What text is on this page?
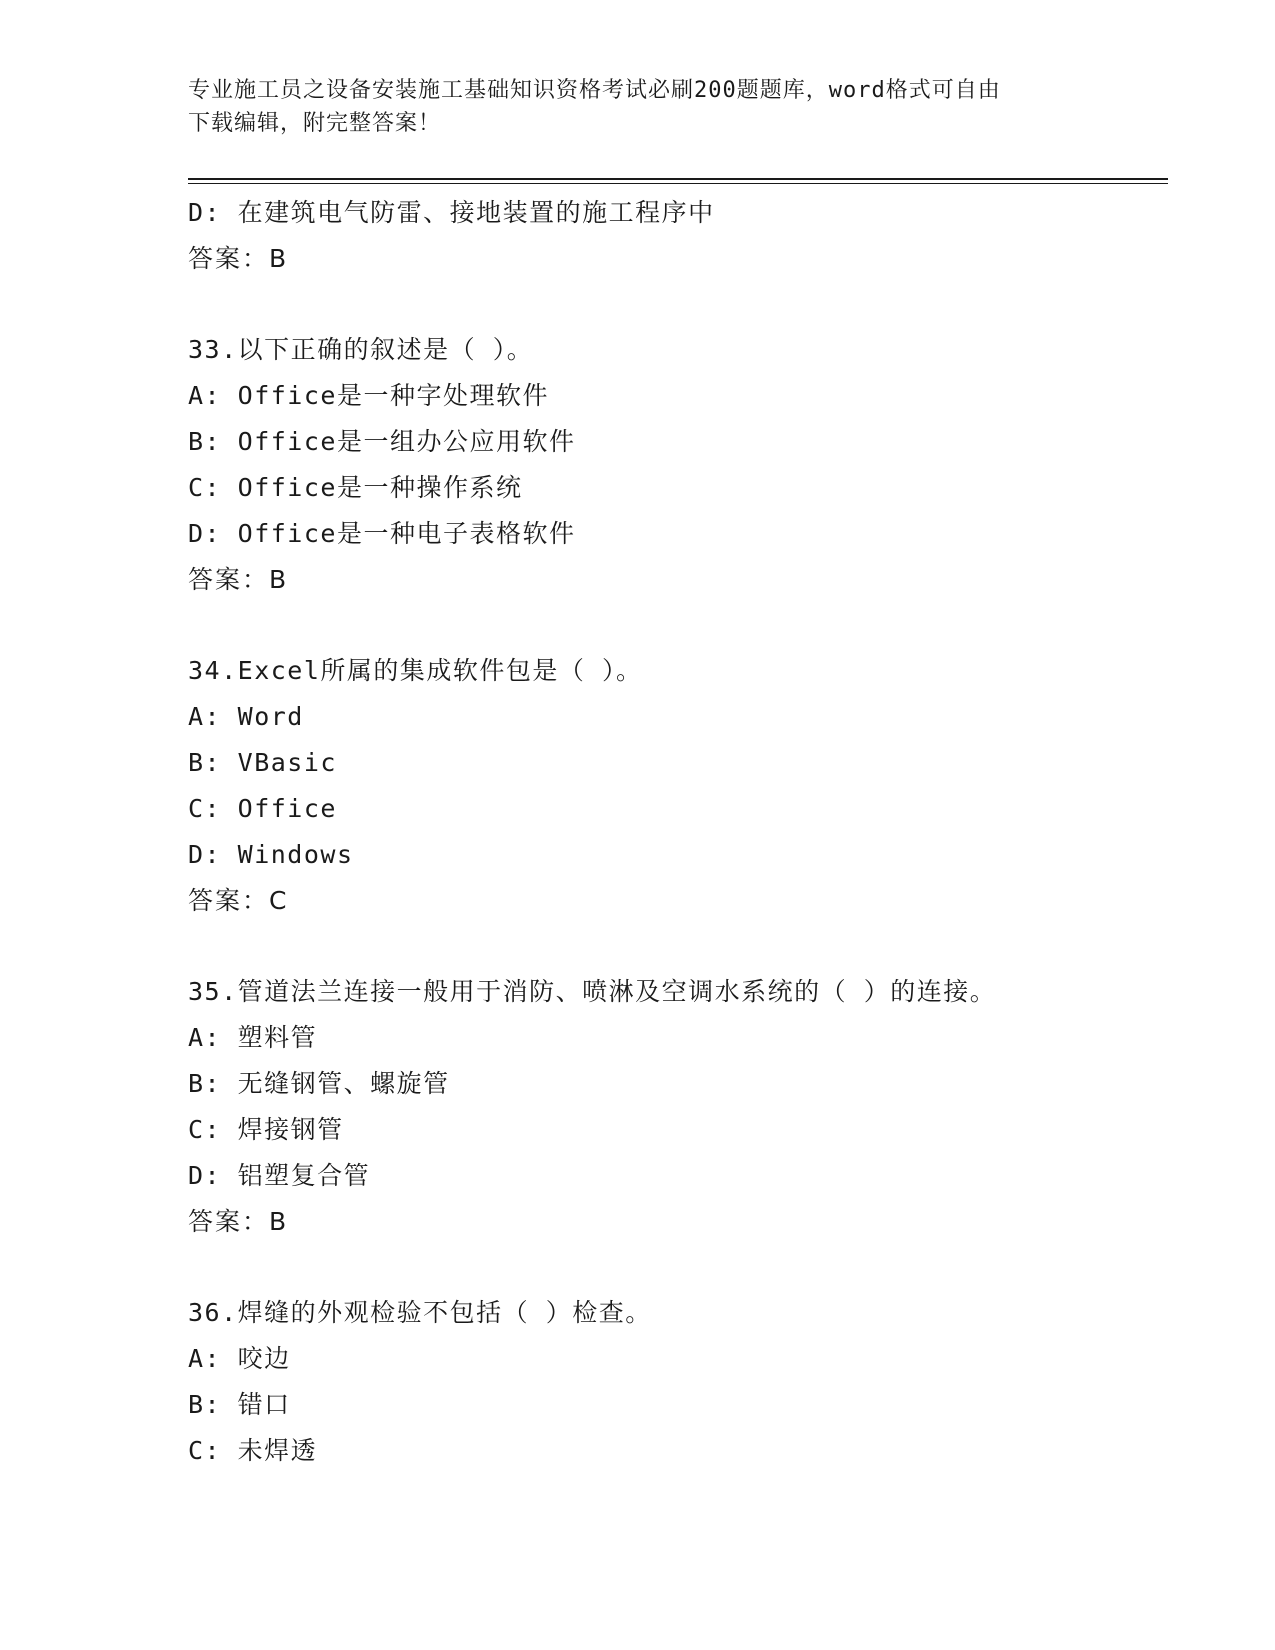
专业施工员之设备安装施工基础知识资格考试必刷200题题库，word格式可自由
下载编辑，附完整答案！
D: 在建筑电气防雷、接地装置的施工程序中
答案：B
33.以下正确的叙述是（ ）。
A: Office是一种字处理软件
B: Office是一组办公应用软件
C: Office是一种操作系统
D: Office是一种电子表格软件
答案：B
34.Excel所属的集成软件包是（ ）。
A: Word
B: VBasic
C: Office
D: Windows
答案：C
35.管道法兰连接一般用于消防、喷淋及空调水系统的（ ）的连接。
A: 塑料管
B: 无缝钢管、螺旋管
C: 焊接钢管
D: 铝塑复合管
答案：B
36.焊缝的外观检验不包括（ ）检查。
A: 咬边
B: 错口
C: 未焊透
